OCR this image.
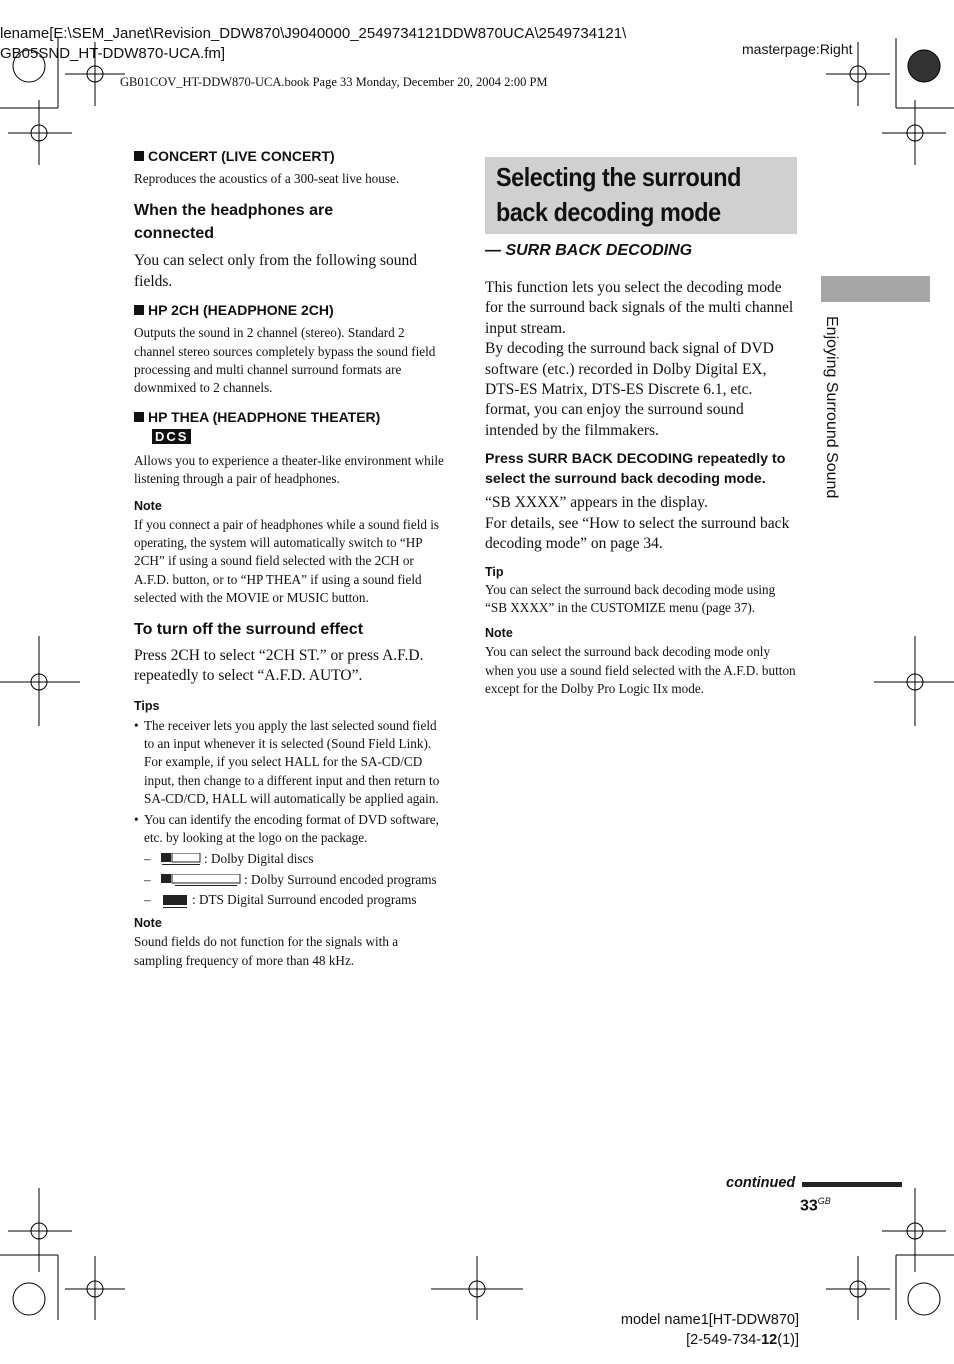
lename[E:\SEM_Janet\Revision_DDW870\J9040000_2549734121DDW870UCA\2549734121\
GB05SND_HT-DDW870-UCA.fm]	masterpage:Right
GB01COV_HT-DDW870-UCA.book Page 33 Monday, December 20, 2004 2:00 PM

CONCERT (LIVE CONCERT)

Reproduces the acoustics of a 300-seat live house.

When the headphones are connected

You can select only from the following sound fields.

HP 2CH (HEADPHONE 2CH)

Outputs the sound in 2 channel (stereo). Standard 2 channel stereo sources completely bypass the sound field processing and multi channel surround formats are downmixed to 2 channels.

HP THEA (HEADPHONE THEATER)
DCS

Allows you to experience a theater-like environment while listening through a pair of headphones.

Note

If you connect a pair of headphones while a sound field is operating, the system will automatically switch to “HP 2CH” if using a sound field selected with the 2CH or A.F.D. button, or to “HP THEA” if using a sound field selected with the MOVIE or MUSIC button.

To turn off the surround effect

Press 2CH to select “2CH ST.” or press A.F.D. repeatedly to select “A.F.D. AUTO”.

Tips

• The receiver lets you apply the last selected sound field to an input whenever it is selected (Sound Field Link). For example, if you select HALL for the SA-CD/CD input, then change to a different input and then return to SA-CD/CD, HALL will automatically be applied again.

• You can identify the encoding format of DVD software, etc. by looking at the logo on the package.

–	: Dolby Digital discs

–	: Dolby Surround encoded programs

–	: DTS Digital Surround encoded programs

Note

Sound fields do not function for the signals with a sampling frequency of more than 48 kHz.

Selecting the surround back decoding mode

— SURR BACK DECODING

This function lets you select the decoding mode for the surround back signals of the multi channel input stream.

By decoding the surround back signal of DVD software (etc.) recorded in Dolby Digital EX, DTS-ES Matrix, DTS-ES Discrete 6.1, etc. format, you can enjoy the surround sound intended by the filmmakers.

Press SURR BACK DECODING repeatedly to select the surround back decoding mode.

“SB XXXX” appears in the display.

For details, see “How to select the surround back decoding mode” on page 34.

Tip

You can select the surround back decoding mode using “SB XXXX” in the CUSTOMIZE menu (page 37).

Note

You can select the surround back decoding mode only when you use a sound field selected with the A.F.D. button except for the Dolby Pro Logic IIx mode.

Enjoying Surround Sound
continued
$33^{GB}$
model name1[HT-DDW870]
[2-549-734-12(1)]
